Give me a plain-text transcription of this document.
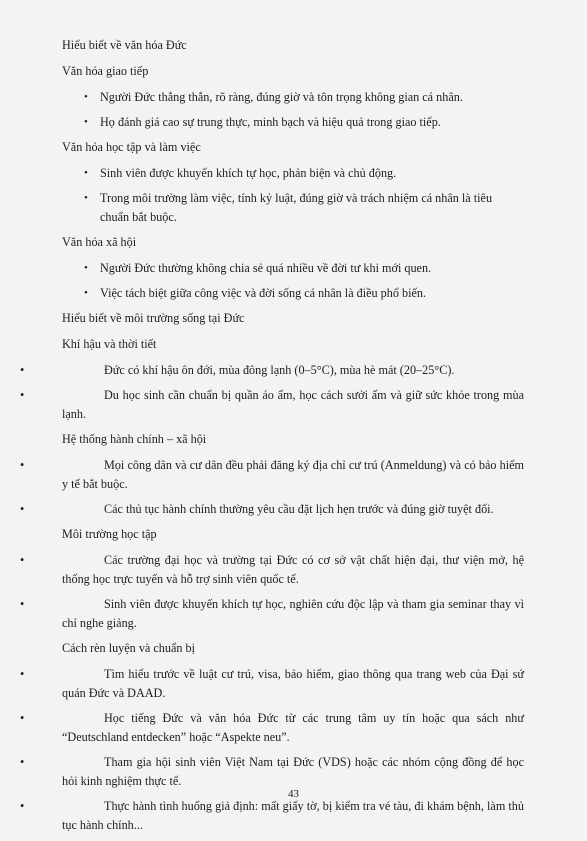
Hiểu biết về văn hóa Đức

Văn hóa giao tiếp

• Người Đức thẳng thắn, rõ ràng, đúng giờ và tôn trọng không gian cá nhân.

• Họ đánh giá cao sự trung thực, minh bạch và hiệu quả trong giao tiếp.

Văn hóa học tập và làm việc

• Sinh viên được khuyến khích tự học, phản biện và chủ động.

• Trong môi trường làm việc, tính kỷ luật, đúng giờ và trách nhiệm cá nhân là tiêu chuẩn bắt buộc.

Văn hóa xã hội

• Người Đức thường không chia sẻ quá nhiều về đời tư khi mới quen.

• Việc tách biệt giữa công việc và đời sống cá nhân là điều phổ biến.

Hiểu biết về môi trường sống tại Đức

Khí hậu và thời tiết

•	Đức có khí hậu ôn đới, mùa đông lạnh (0–5°C), mùa hè mát (20–25°C).

•	Du học sinh cần chuẩn bị quần áo ấm, học cách sưởi ấm và giữ sức khỏe trong mùa lạnh.

Hệ thống hành chính – xã hội

•	Mọi công dân và cư dân đều phải đăng ký địa chỉ cư trú (Anmeldung) và có bảo hiểm y tế bắt buộc.

•	Các thủ tục hành chính thường yêu cầu đặt lịch hẹn trước và đúng giờ tuyệt đối.

Môi trường học tập

•	Các trường đại học và trường tại Đức có cơ sở vật chất hiện đại, thư viện mở, hệ thống học trực tuyến và hỗ trợ sinh viên quốc tế.

•	Sinh viên được khuyến khích tự học, nghiên cứu độc lập và tham gia seminar thay vì chỉ nghe giảng.

Cách rèn luyện và chuẩn bị

•	Tìm hiểu trước về luật cư trú, visa, bảo hiểm, giao thông qua trang web của Đại sứ quán Đức và DAAD.

•	Học tiếng Đức và văn hóa Đức từ các trung tâm uy tín hoặc qua sách như “Deutschland entdecken” hoặc “Aspekte neu”.

•	Tham gia hội sinh viên Việt Nam tại Đức (VDS) hoặc các nhóm cộng đồng để học hỏi kinh nghiệm thực tế.

•	Thực hành tình huống giả định: mất giấy tờ, bị kiểm tra vé tàu, đi khám bệnh, làm thủ tục hành chính...

43
